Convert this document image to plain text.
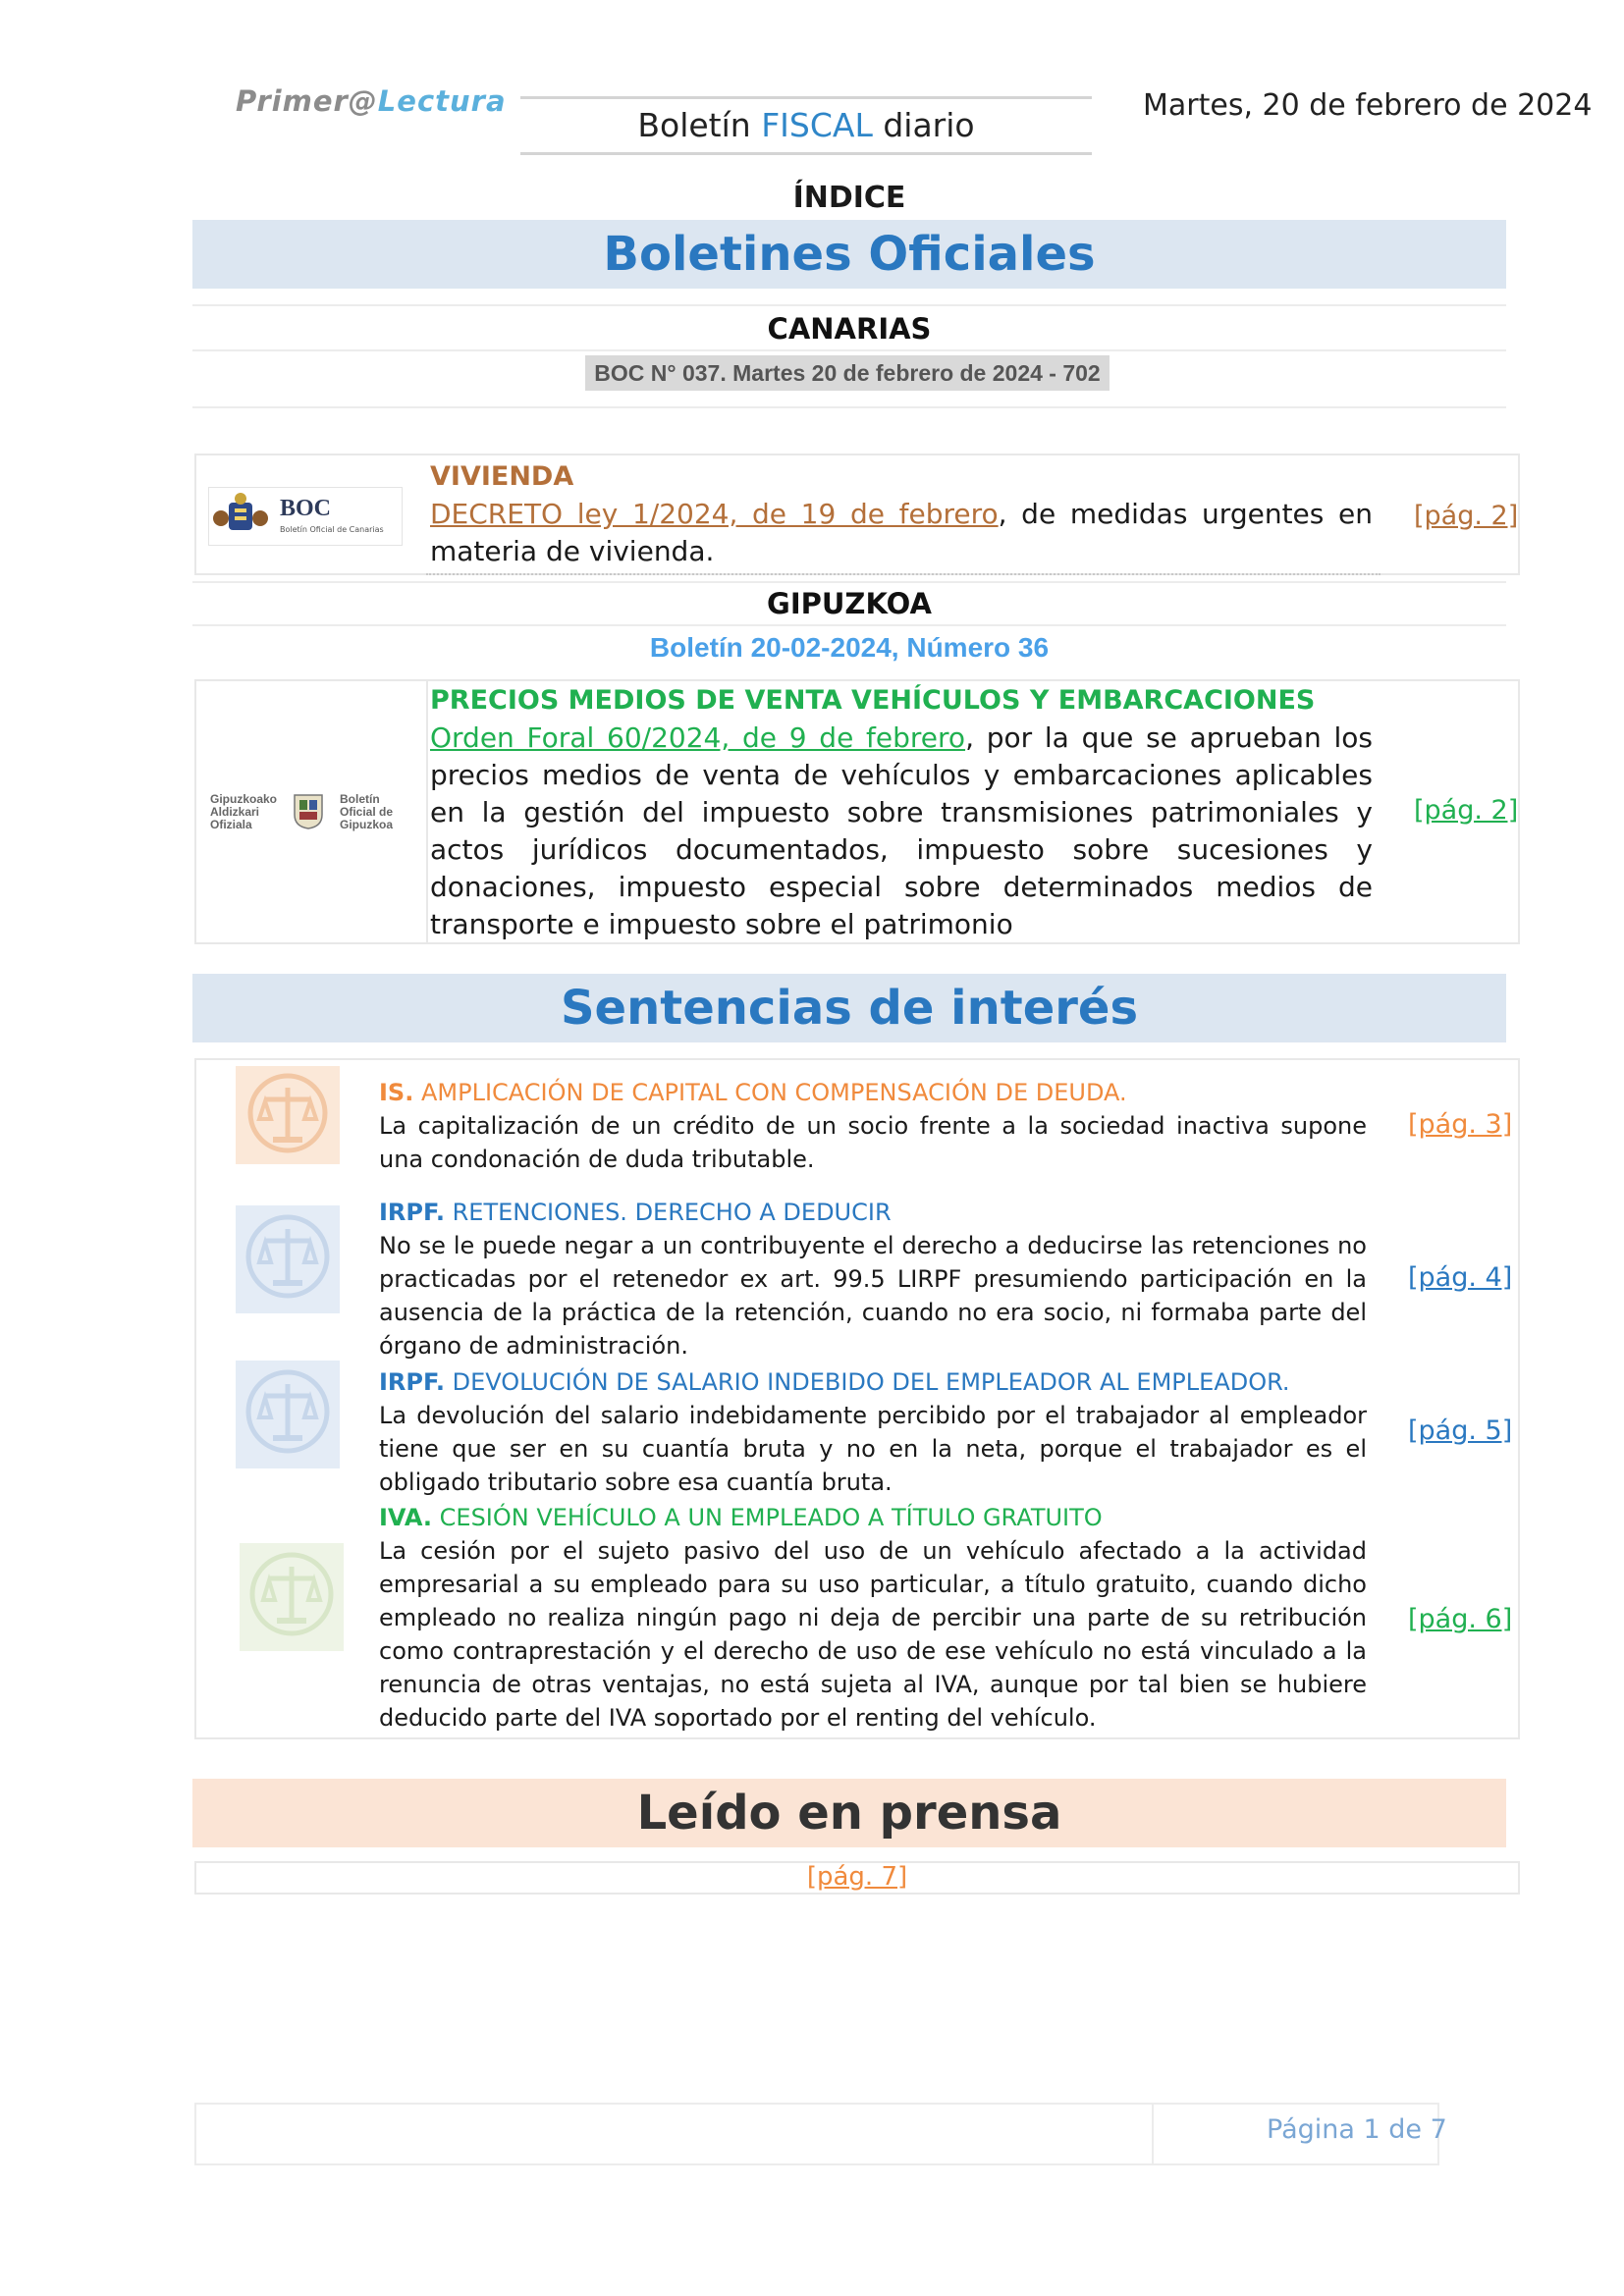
Primer@Lectura
Boletín FISCAL diario
Martes, 20 de febrero de 2024
ÍNDICE
Boletines Oficiales
CANARIAS
BOC N° 037. Martes 20 de febrero de 2024 - 702
BOC
Boletín Oficial de Canarias
VIVIENDA
DECRETO ley 1/2024, de 19 de febrero, de medidas urgentes en materia de vivienda.
[pág. 2]
GIPUZKOA
Boletín 20-02-2024, Número 36
Gipuzkoako
Aldizkari
Ofiziala
Boletín
Oficial de
Gipuzkoa
PRECIOS MEDIOS DE VENTA VEHÍCULOS Y EMBARCACIONES
Orden Foral 60/2024, de 9 de febrero, por la que se aprueban los precios medios de venta de vehículos y embarcaciones aplicables en la gestión del impuesto sobre transmisiones patrimoniales y actos jurídicos documentados, impuesto sobre sucesiones y donaciones, impuesto especial sobre determinados medios de transporte e impuesto sobre el patrimonio
[pág. 2]
Sentencias de interés
IS. AMPLICACIÓN DE CAPITAL CON COMPENSACIÓN DE DEUDA.
La capitalización de un crédito de un socio frente a la sociedad inactiva supone una condonación de duda tributable.
[pág. 3]
IRPF. RETENCIONES. DERECHO A DEDUCIR
No se le puede negar a un contribuyente el derecho a deducirse las retenciones no practicadas por el retenedor ex art. 99.5 LIRPF presumiendo participación en la ausencia de la práctica de la retención, cuando no era socio, ni formaba parte del órgano de administración.
[pág. 4]
IRPF. DEVOLUCIÓN DE SALARIO INDEBIDO DEL EMPLEADOR AL EMPLEADOR.
La devolución del salario indebidamente percibido por el trabajador al empleador tiene que ser en su cuantía bruta y no en la neta, porque el trabajador es el obligado tributario sobre esa cuantía bruta.
[pág. 5]
IVA. CESIÓN VEHÍCULO A UN EMPLEADO A TÍTULO GRATUITO
La cesión por el sujeto pasivo del uso de un vehículo afectado a la actividad empresarial a su empleado para su uso particular, a título gratuito, cuando dicho empleado no realiza ningún pago ni deja de percibir una parte de su retribución como contraprestación y el derecho de uso de ese vehículo no está vinculado a la renuncia de otras ventajas, no está sujeta al IVA, aunque por tal bien se hubiere deducido parte del IVA soportado por el renting del vehículo.
[pág. 6]
Leído en prensa
[pág. 7]
Página 1 de 7
